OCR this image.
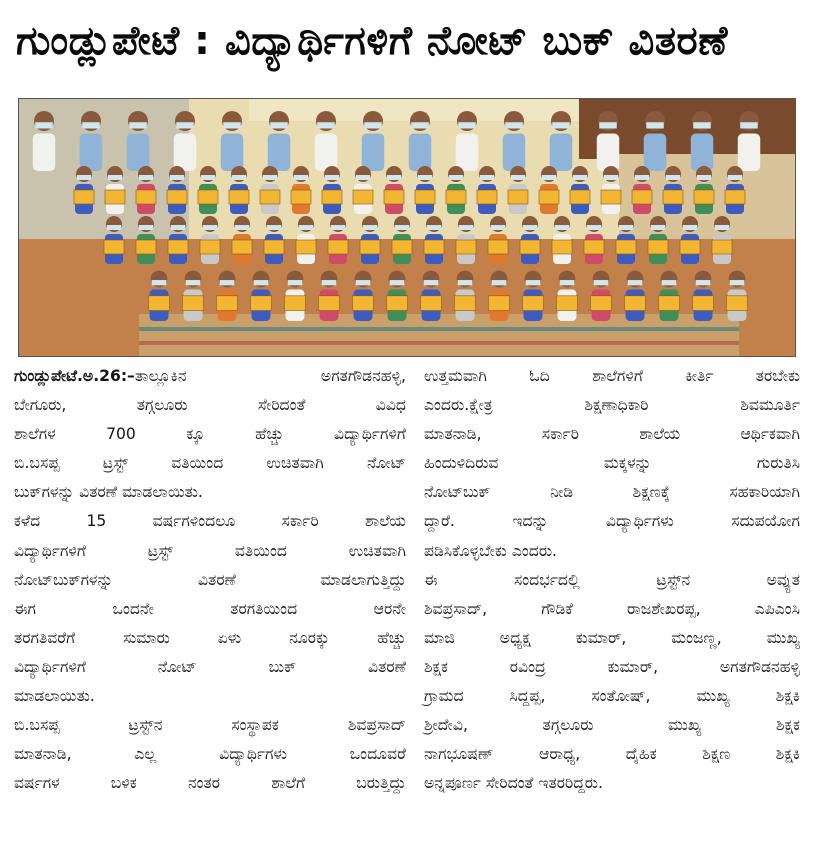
ಗುಂಡ್ಲುಪೇಟೆ : ವಿದ್ಯಾರ್ಥಿಗಳಿಗೆ ನೋಟ್ ಬುಕ್ ವಿತರಣೆ
ಗುಂಡ್ಲುಪೇಟೆ.ಅ.26:–ತಾಲ್ಲೂಕಿನ ಅಗತಗೌಡನಹಳ್ಳಿ,
ಬೇಗೂರು, ತಗ್ಗಲೂರು ಸೇರಿದಂತೆ ವಿವಿಧ
ಶಾಲೆಗಳ 700 ಕ್ಕೂ ಹೆಚ್ಚು ವಿದ್ಯಾರ್ಥಿಗಳಿಗೆ
ಬಿ.ಬಸಪ್ಪ ಟ್ರಸ್ಟ್ ವತಿಯಿಂದ ಉಚಿತವಾಗಿ ನೋಟ್
ಬುಕ್‌ಗಳನ್ನು ವಿತರಣೆ ಮಾಡಲಾಯಿತು.
ಕಳೆದ 15 ವರ್ಷಗಳಿಂದಲೂ ಸರ್ಕಾರಿ ಶಾಲೆಯ
ವಿದ್ಯಾರ್ಥಿಗಳಿಗೆ ಟ್ರಸ್ಟ್ ವತಿಯಿಂದ ಉಚಿತವಾಗಿ
ನೋಟ್‌ಬುಕ್‌ಗಳನ್ನು ವಿತರಣೆ ಮಾಡಲಾಗುತ್ತಿದ್ದು
ಈಗ ಒಂದನೇ ತರಗತಿಯಿಂದ ಆರನೇ
ತರಗತಿವರೆಗೆ ಸುಮಾರು ಏಳು ನೂರಕ್ಕು ಹೆಚ್ಚು
ವಿದ್ಯಾರ್ಥಿಗಳಿಗೆ ನೋಟ್ ಬುಕ್ ವಿತರಣೆ
ಮಾಡಲಾಯಿತು.
ಬಿ.ಬಸಪ್ಪ ಟ್ರಸ್ಟ್‌ನ ಸಂಸ್ಥಾಪಕ ಶಿವಪ್ರಸಾದ್
ಮಾತನಾಡಿ, ಎಲ್ಲ ವಿದ್ಯಾರ್ಥಿಗಳು ಒಂದೂವರೆ
ವರ್ಷಗಳ ಬಳಿಕ ನಂತರ ಶಾಲೆಗೆ ಬರುತ್ತಿದ್ದು
ಉತ್ತಮವಾಗಿ ಓದಿ ಶಾಲೆಗಳಿಗೆ ಕೀರ್ತಿ ತರಬೇಕು
ಎಂದರು.ಕ್ಷೇತ್ರ ಶಿಕ್ಷಣಾಧಿಕಾರಿ ಶಿವಮೂರ್ತಿ
ಮಾತನಾಡಿ, ಸರ್ಕಾರಿ ಶಾಲೆಯ ಆರ್ಥಿಕವಾಗಿ
ಹಿಂದುಳಿದಿರುವ ಮಕ್ಕಳನ್ನು ಗುರುತಿಸಿ
ನೋಟ್‌ಬುಕ್ ನೀಡಿ ಶಿಕ್ಷಣಕ್ಕೆ ಸಹಕಾರಿಯಾಗಿ
ದ್ದಾರೆ. ಇದನ್ನು ವಿದ್ಯಾರ್ಥಿಗಳು ಸದುಪಯೋಗ
ಪಡಿಸಿಕೊಳ್ಳಬೇಕು ಎಂದರು.
ಈ ಸಂದರ್ಭದಲ್ಲಿ ಟ್ರಸ್ಟ್‌ನ ಅವ್ಯುತ
ಶಿವಪ್ರಸಾದ್, ಗೌಡಿಕೆ ರಾಜಶೇಖರಪ್ಪ, ಎಪಿಎಂಸಿ
ಮಾಜಿ ಅಧ್ಯಕ್ಷ ಕುಮಾರ್, ಮಂಜಣ್ಣ, ಮುಖ್ಯ
ಶಿಕ್ಷಕ ರವಿಂದ್ರ ಕುಮಾರ್, ಅಗತಗೌಡನಹಳ್ಳಿ
ಗ್ರಾಮದ ಸಿದ್ದಪ್ಪ, ಸಂತೋಷ್, ಮುಖ್ಯ ಶಿಕ್ಷಕಿ
ಶ್ರೀದೇವಿ, ತಗ್ಗಲೂರು ಮುಖ್ಯ ಶಿಕ್ಷಕ
ನಾಗಭೂಷಣ್ ಆರಾಧ್ಯ, ದೈಹಿಕ ಶಿಕ್ಷಣ ಶಿಕ್ಷಕಿ
ಅನ್ನಪೂರ್ಣ ಸೇರಿದಂತೆ ಇತರರಿದ್ದರು.
